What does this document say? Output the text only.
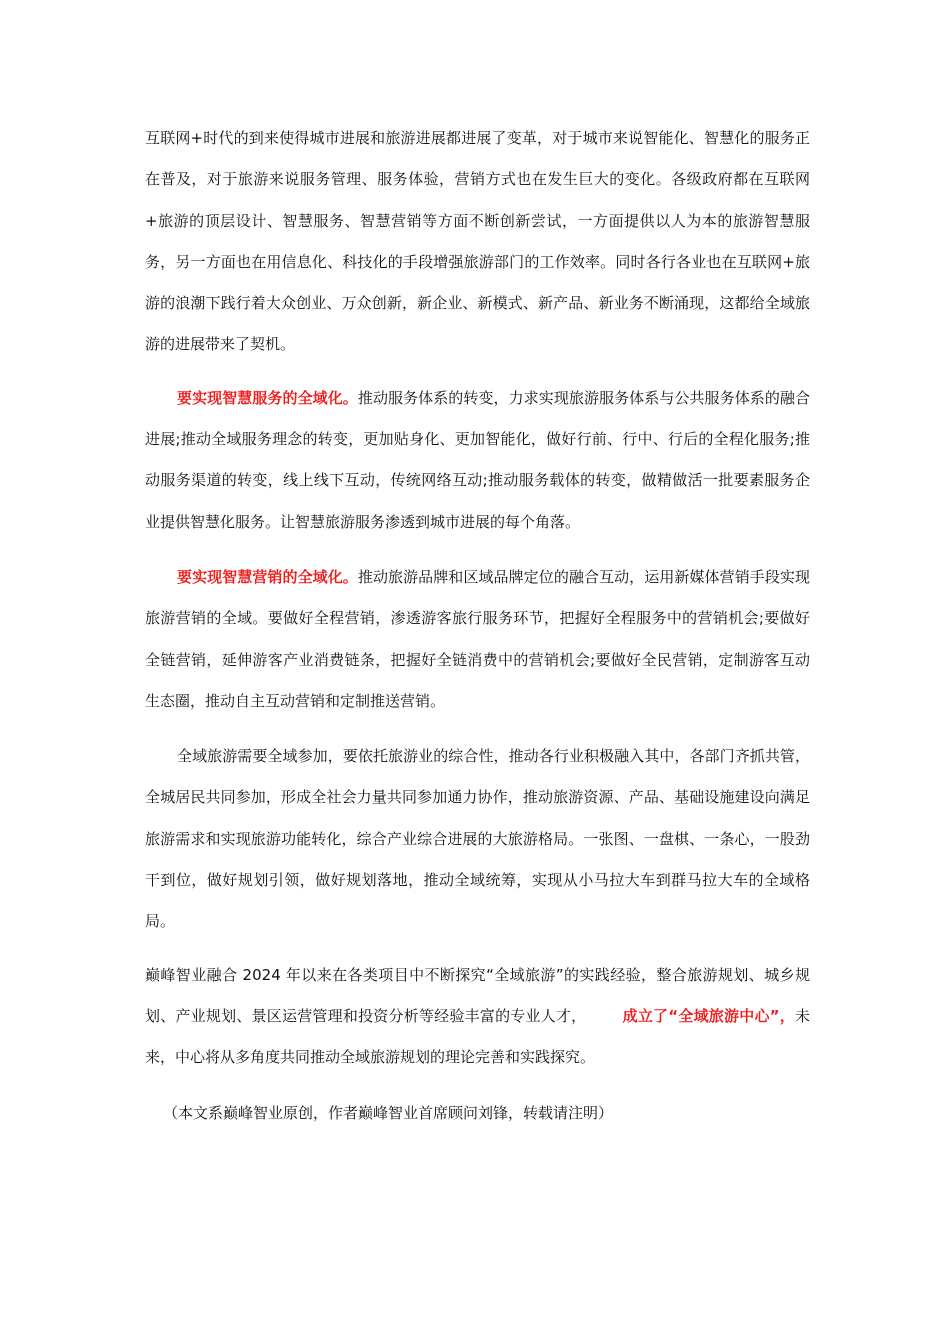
互联网+时代的到来使得城市进展和旅游进展都进展了变革，对于城市来说智能化、智慧化的服务正在普及，对于旅游来说服务管理、服务体验，营销方式也在发生巨大的变化。各级政府都在互联网+旅游的顶层设计、智慧服务、智慧营销等方面不断创新尝试，一方面提供以人为本的旅游智慧服务，另一方面也在用信息化、科技化的手段增强旅游部门的工作效率。同时各行各业也在互联网+旅游的浪潮下践行着大众创业、万众创新，新企业、新模式、新产品、新业务不断涌现，这都给全域旅游的进展带来了契机。

要实现智慧服务的全域化。推动服务体系的转变，力求实现旅游服务体系与公共服务体系的融合进展;推动全域服务理念的转变，更加贴身化、更加智能化，做好行前、行中、行后的全程化服务;推动服务渠道的转变，线上线下互动，传统网络互动;推动服务载体的转变，做精做活一批要素服务企业提供智慧化服务。让智慧旅游服务渗透到城市进展的每个角落。

要实现智慧营销的全域化。推动旅游品牌和区域品牌定位的融合互动，运用新媒体营销手段实现旅游营销的全域。要做好全程营销，渗透游客旅行服务环节，把握好全程服务中的营销机会;要做好全链营销，延伸游客产业消费链条，把握好全链消费中的营销机会;要做好全民营销，定制游客互动生态圈，推动自主互动营销和定制推送营销。

全域旅游需要全域参加，要依托旅游业的综合性，推动各行业积极融入其中，各部门齐抓共管，全城居民共同参加，形成全社会力量共同参加通力协作，推动旅游资源、产品、基础设施建设向满足旅游需求和实现旅游功能转化，综合产业综合进展的大旅游格局。一张图、一盘棋、一条心，一股劲干到位，做好规划引领，做好规划落地，推动全域统筹，实现从小马拉大车到群马拉大车的全域格局。

巅峰智业融合 2024 年以来在各类项目中不断探究“全域旅游”的实践经验，整合旅游规划、城乡规划、产业规划、景区运营管理和投资分析等经验丰富的专业人才， 成立了“全域旅游中心”，未来，中心将从多角度共同推动全域旅游规划的理论完善和实践探究。

（本文系巅峰智业原创，作者巅峰智业首席顾问刘锋，转载请注明）
